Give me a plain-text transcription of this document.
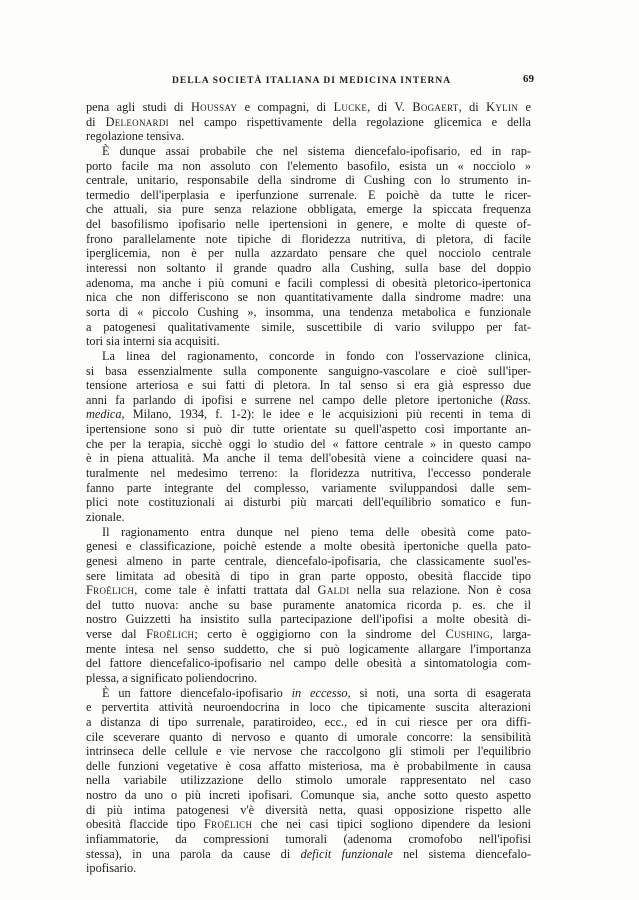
DELLA SOCIETÀ ITALIANA DI MEDICINA INTERNA	69
pena agli studi di Houssay e compagni, di Lucke, di V. Bogaert, di Kylin e
di Deleonardi nel campo rispettivamente della regolazione glicemica e della
regolazione tensiva.
È dunque assai probabile che nel sistema diencefalo-ipofisario, ed in rap-
porto facile ma non assoluto con l'elemento basofilo, esista un « nocciolo »
centrale, unitario, responsabile della sindrome di Cushing con lo strumento in-
termedio dell'iperplasia e iperfunzione surrenale. E poichè da tutte le ricer-
che attuali, sia pure senza relazione obbligata, emerge la spiccata frequenza
del basofilismo ipofisario nelle ipertensioni in genere, e molte di queste of-
frono parallelamente note tipiche di floridezza nutritiva, di pletora, di facile
iperglicemia, non è per nulla azzardato pensare che quel nocciolo centrale
interessi non soltanto il grande quadro alla Cushing, sulla base del doppio
adenoma, ma anche i più comuni e facili complessi di obesità pletorico-ipertonica
nica che non differiscono se non quantitativamente dalla sindrome madre: una
sorta di « piccolo Cushing », insomma, una tendenza metabolica e funzionale
a patogenesi qualitativamente simile, suscettibile di vario sviluppo per fat-
tori sia interni sia acquisiti.
La linea del ragionamento, concorde in fondo con l'osservazione clinica,
si basa essenzialmente sulla componente sanguigno-vascolare e cioè sull'iper-
tensione arteriosa e sui fatti di pletora. In tal senso si era già espresso due
anni fa parlando di ipofisi e surrene nel campo delle pletore ipertoniche (Rass.
medica, Milano, 1934, f. 1-2): le idee e le acquisizioni più recenti in tema di
ipertensione sono si può dir tutte orientate su quell'aspetto così importante an-
che per la terapia, sicchè oggi lo studio del « fattore centrale » in questo campo
è in piena attualità. Ma anche il tema dell'obesità viene a coincidere quasi na-
turalmente nel medesimo terreno: la floridezza nutritiva, l'eccesso ponderale
fanno parte integrante del complesso, variamente sviluppandosi dalle sem-
plici note costituzionali ai disturbi più marcati dell'equilibrio somatico e fun-
zionale.
Il ragionamento entra dunque nel pieno tema delle obesità come pato-
genesi e classificazione, poichè estende a molte obesità ipertoniche quella pato-
genesi almeno in parte centrale, diencefalo-ipofisaria, che classicamente suol'es-
sere limitata ad obesità di tipo in gran parte opposto, obesità flaccide tipo
Froëlich, come tale è infatti trattata dal Galdi nella sua relazione. Non è cosa
del tutto nuova: anche su base puramente anatomica ricorda p. es. che il
nostro Guizzetti ha insistito sulla partecipazione dell'ipofisi a molte obesità di-
verse dal Froëlich; certo è oggigiorno con la sindrome del Cushing, larga-
mente intesa nel senso suddetto, che si può logicamente allargare l'importanza
del fattore diencefalico-ipofisario nel campo delle obesità a sintomatologia com-
plessa, a significato poliendocrino.
È un fattore diencefalo-ipofisario in eccesso, si noti, una sorta di esagerata
e pervertita attività neuroendocrina in loco che tipicamente suscita alterazioni
a distanza di tipo surrenale, paratiroideo, ecc., ed in cui riesce per ora diffi-
cile sceverare quanto di nervoso e quanto di umorale concorre: la sensibilità
intrinseca delle cellule e vie nervose che raccolgono gli stimoli per l'equilibrio
delle funzioni vegetative è cosa affatto misteriosa, ma è probabilmente in causa
nella variabile utilizzazione dello stimolo umorale rappresentato nel caso
nostro da uno o più increti ipofisari. Comunque sia, anche sotto questo aspetto
di più intima patogenesi v'è diversità netta, quasi opposizione rispetto alle
obesità flaccide tipo Froëlich che nei casi tipici sogliono dipendere da lesioni
infiammatorie, da compressioni tumorali (adenoma cromofobo nell'ipofisi
stessa), in una parola da cause di deficit funzionale nel sistema diencefalo-
ipofisario.
